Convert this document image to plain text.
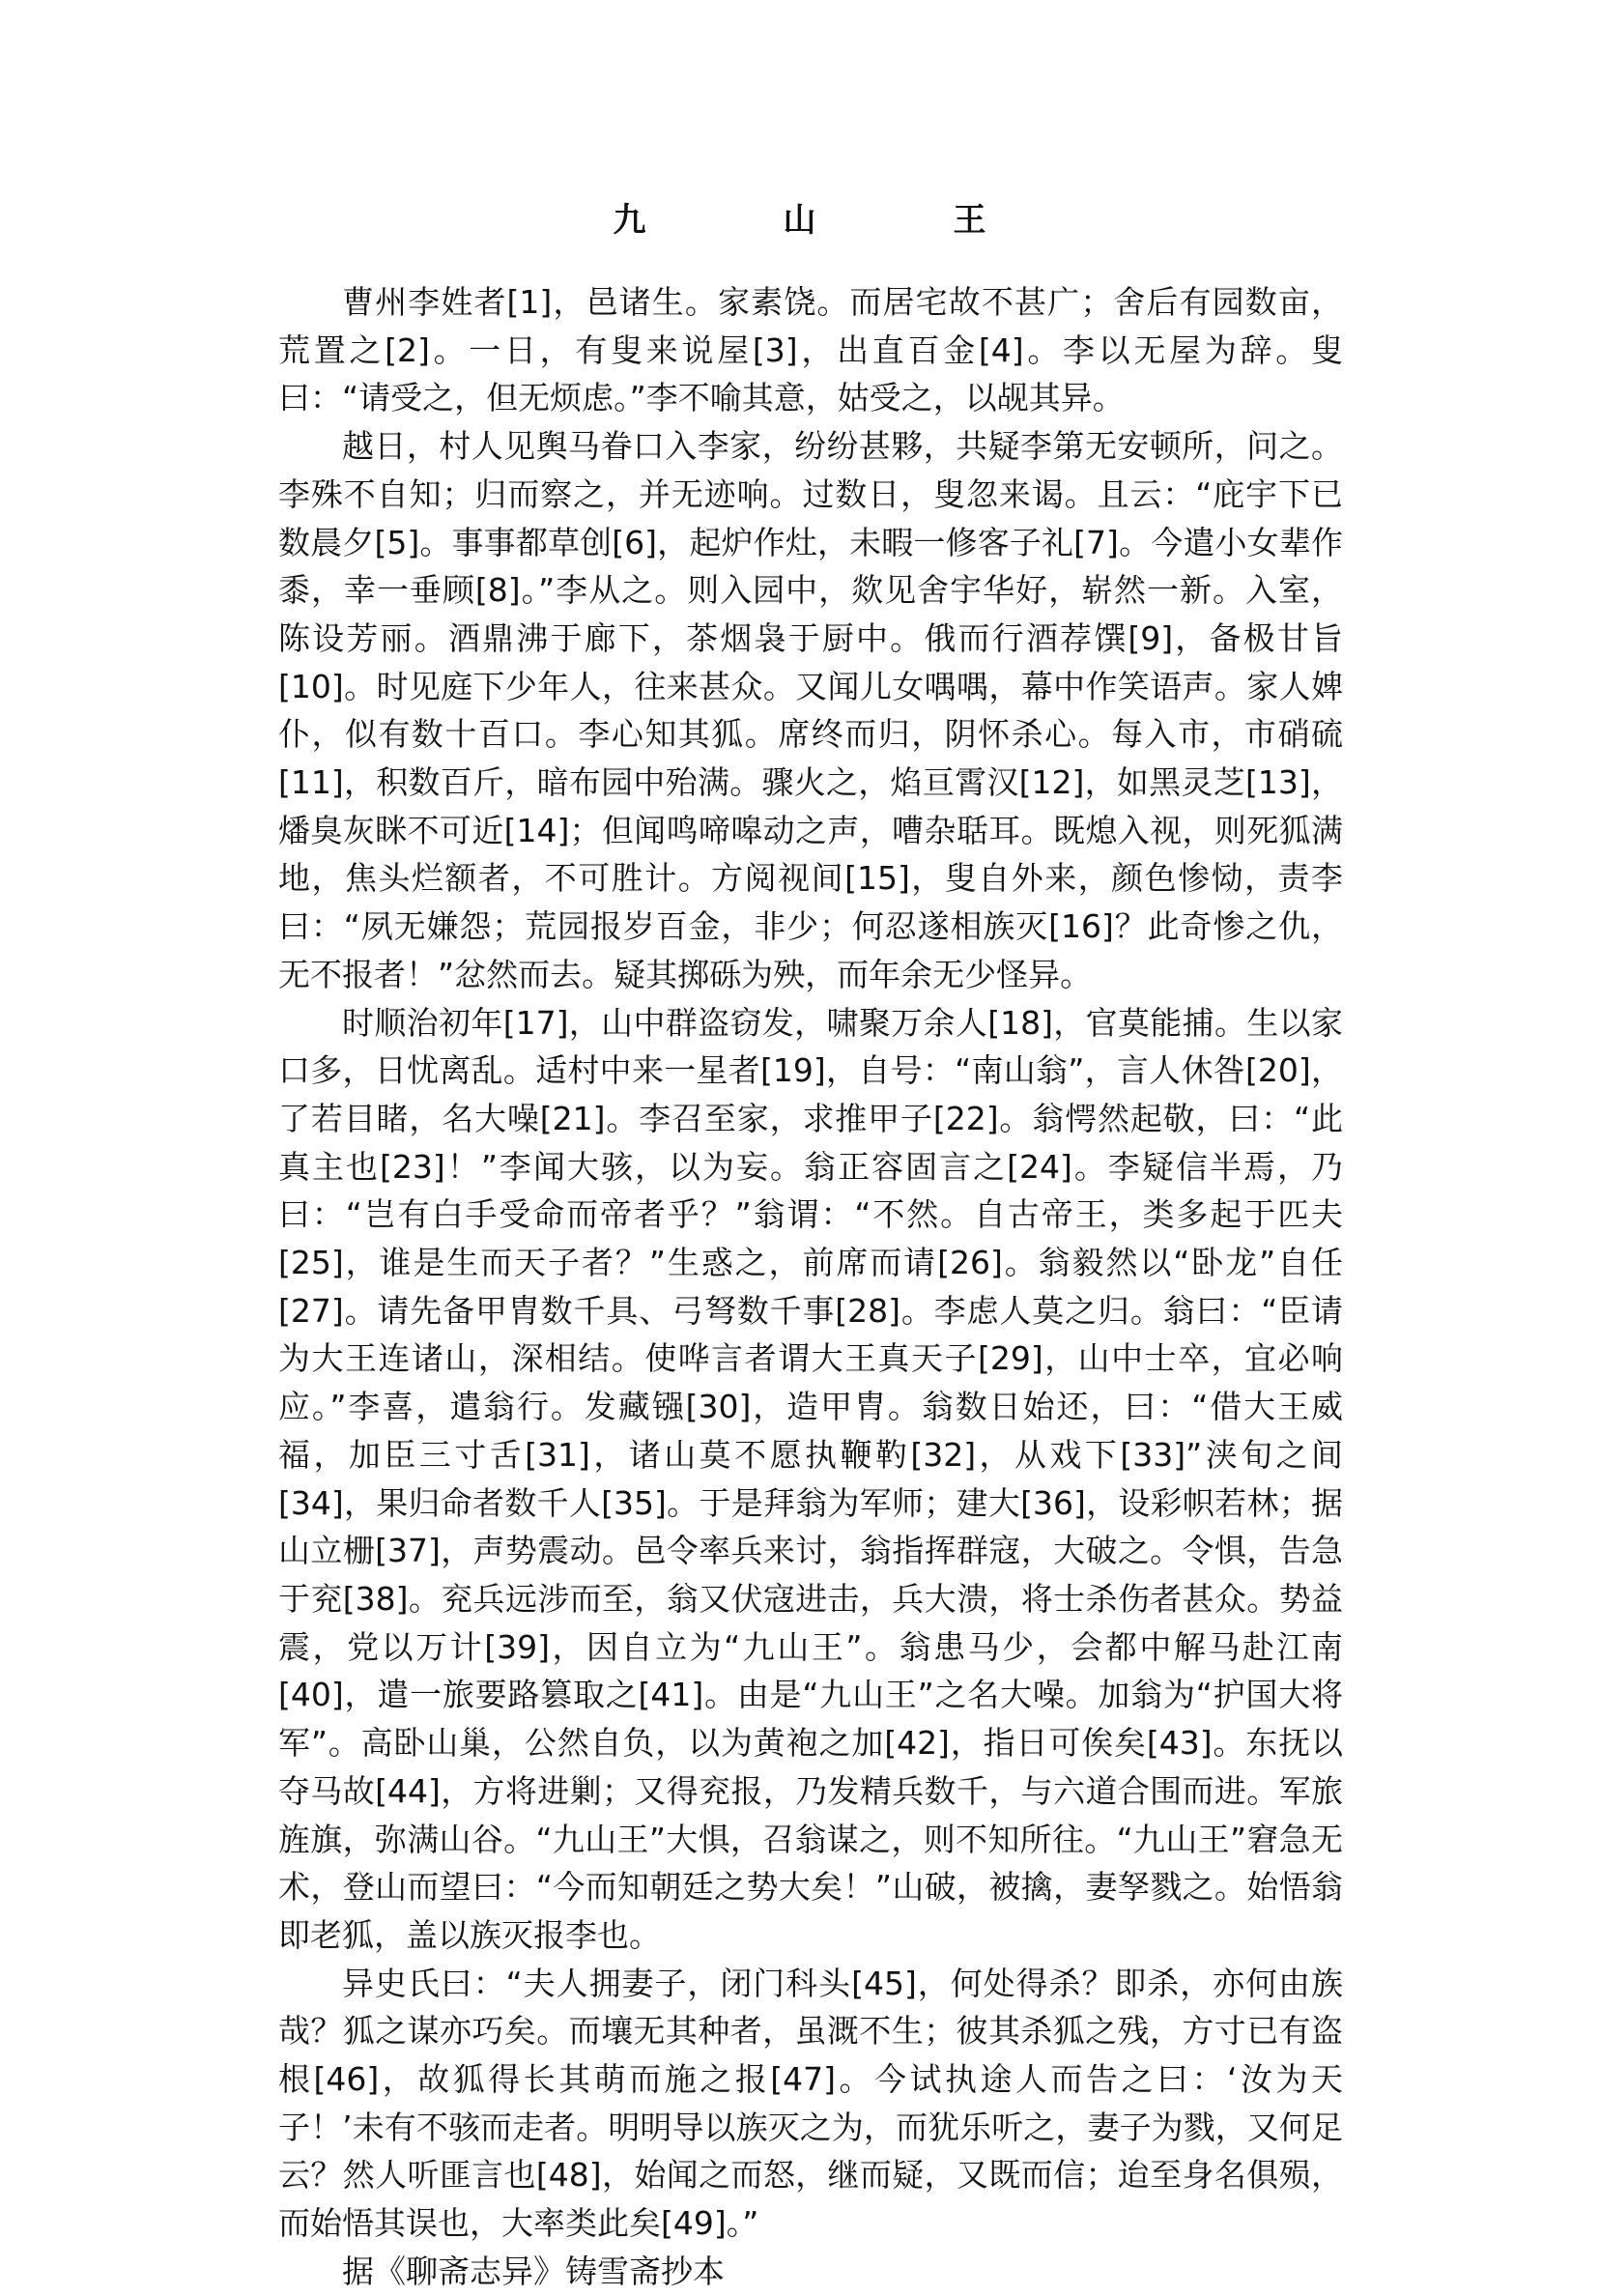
九　山　王

曹州李姓者[1]，邑诸生。家素饶。而居宅故不甚广；舍后有园数亩，荒置之[2]。一日，有叟来说屋[3]，出直百金[4]。李以无屋为辞。叟曰：“请受之，但无烦虑。”李不喻其意，姑受之，以觇其异。

越日，村人见舆马眷口入李家，纷纷甚夥，共疑李第无安顿所，问之。李殊不自知；归而察之，并无迹响。过数日，叟忽来谒。且云：“庇宇下已数晨夕[5]。事事都草创[6]，起炉作灶，未暇一修客子礼[7]。今遣小女辈作黍，幸一垂顾[8]。”李从之。则入园中，欻见舍宇华好，崭然一新。入室，陈设芳丽。酒鼎沸于廊下，茶烟袅于厨中。俄而行酒荐馔[9]，备极甘旨[10]。时见庭下少年人，往来甚众。又闻儿女喁喁，幕中作笑语声。家人婢仆，似有数十百口。李心知其狐。席终而归，阴怀杀心。每入市，市硝硫[11]，积数百斤，暗布园中殆满。骤火之，焰亘霄汉[12]，如黑灵芝[13]，燔臭灰眯不可近[14]；但闻鸣啼嗥动之声，嘈杂聒耳。既熄入视，则死狐满地，焦头烂额者，不可胜计。方阅视间[15]，叟自外来，颜色惨恸，责李曰：“夙无嫌怨；荒园报岁百金，非少；何忍遂相族灭[16]？此奇惨之仇，无不报者！”忿然而去。疑其掷砾为殃，而年余无少怪异。

时顺治初年[17]，山中群盗窃发，啸聚万余人[18]，官莫能捕。生以家口多，日忧离乱。适村中来一星者[19]，自号：“南山翁”，言人休咎[20]，了若目睹，名大噪[21]。李召至家，求推甲子[22]。翁愕然起敬，曰：“此真主也[23]！”李闻大骇，以为妄。翁正容固言之[24]。李疑信半焉，乃曰：“岂有白手受命而帝者乎？”翁谓：“不然。自古帝王，类多起于匹夫[25]，谁是生而天子者？”生惑之，前席而请[26]。翁毅然以“卧龙”自任[27]。请先备甲胄数千具、弓弩数千事[28]。李虑人莫之归。翁曰：“臣请为大王连诸山，深相结。使哗言者谓大王真天子[29]，山中士卒，宜必响应。”李喜，遣翁行。发藏镪[30]，造甲胄。翁数日始还，曰：“借大王威福，加臣三寸舌[31]，诸山莫不愿执鞭靮[32]，从戏下[33]”浃旬之间[34]，果归命者数千人[35]。于是拜翁为军师；建大[36]，设彩帜若林；据山立栅[37]，声势震动。邑令率兵来讨，翁指挥群寇，大破之。令惧，告急于兖[38]。兖兵远涉而至，翁又伏寇进击，兵大溃，将士杀伤者甚众。势益震，党以万计[39]，因自立为“九山王”。翁患马少，会都中解马赴江南[40]，遣一旅要路篡取之[41]。由是“九山王”之名大噪。加翁为“护国大将军”。高卧山巢，公然自负，以为黄袍之加[42]，指日可俟矣[43]。东抚以夺马故[44]，方将进剿；又得兖报，乃发精兵数千，与六道合围而进。军旅旌旗，弥满山谷。“九山王”大惧，召翁谋之，则不知所往。“九山王”窘急无术，登山而望曰：“今而知朝廷之势大矣！”山破，被擒，妻孥戮之。始悟翁即老狐，盖以族灭报李也。

异史氏曰：“夫人拥妻子，闭门科头[45]，何处得杀？即杀，亦何由族哉？狐之谋亦巧矣。而壤无其种者，虽溉不生；彼其杀狐之残，方寸已有盗根[46]，故狐得长其萌而施之报[47]。今试执途人而告之曰：‘汝为天子！’未有不骇而走者。明明导以族灭之为，而犹乐听之，妻子为戮，又何足云？然人听匪言也[48]，始闻之而怒，继而疑，又既而信；迨至身名俱殒，而始悟其误也，大率类此矣[49]。”

据《聊斋志异》铸雪斋抄本
